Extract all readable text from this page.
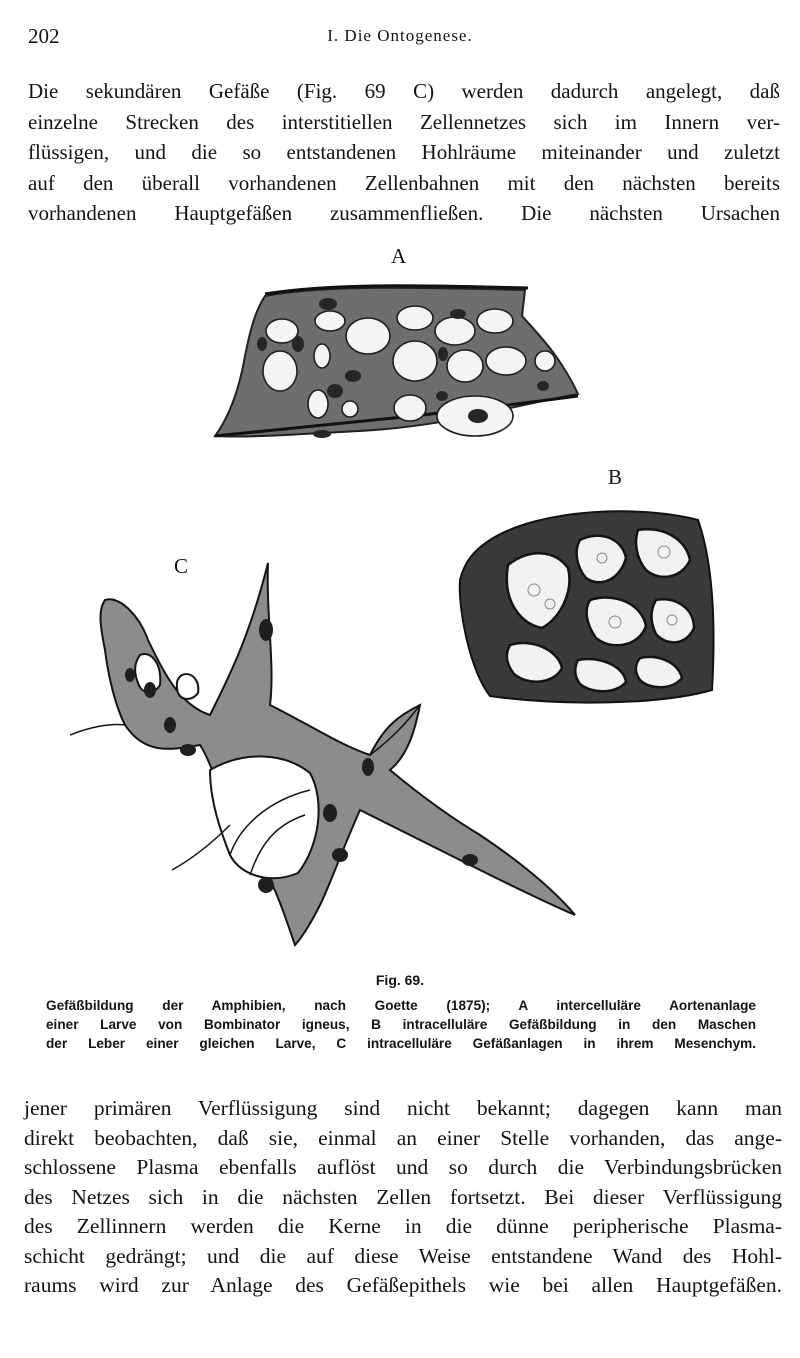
202	I. Die Ontogenese.
Die sekundären Gefäße (Fig. 69 C) werden dadurch angelegt, daß
einzelne Strecken des interstitiellen Zellennetzes sich im Innern ver-
flüssigen, und die so entstandenen Hohlräume miteinander und zuletzt
auf den überall vorhandenen Zellenbahnen mit den nächsten bereits
vorhandenen Hauptgefäßen zusammenfließen. Die nächsten Ursachen
A
B
C
Fig. 69.
Gefäßbildung der Amphibien, nach Goette (1875); A intercelluläre Aortenanlage
einer Larve von Bombinator igneus, B intracelluläre Gefäßbildung in den Maschen
der Leber einer gleichen Larve, C intracelluläre Gefäßanlagen in ihrem Mesenchym.
jener primären Verflüssigung sind nicht bekannt; dagegen kann man
direkt beobachten, daß sie, einmal an einer Stelle vorhanden, das ange-
schlossene Plasma ebenfalls auflöst und so durch die Verbindungsbrücken
des Netzes sich in die nächsten Zellen fortsetzt. Bei dieser Verflüssigung
des Zellinnern werden die Kerne in die dünne peripherische Plasma-
schicht gedrängt; und die auf diese Weise entstandene Wand des Hohl-
raums wird zur Anlage des Gefäßepithels wie bei allen Hauptgefäßen.
